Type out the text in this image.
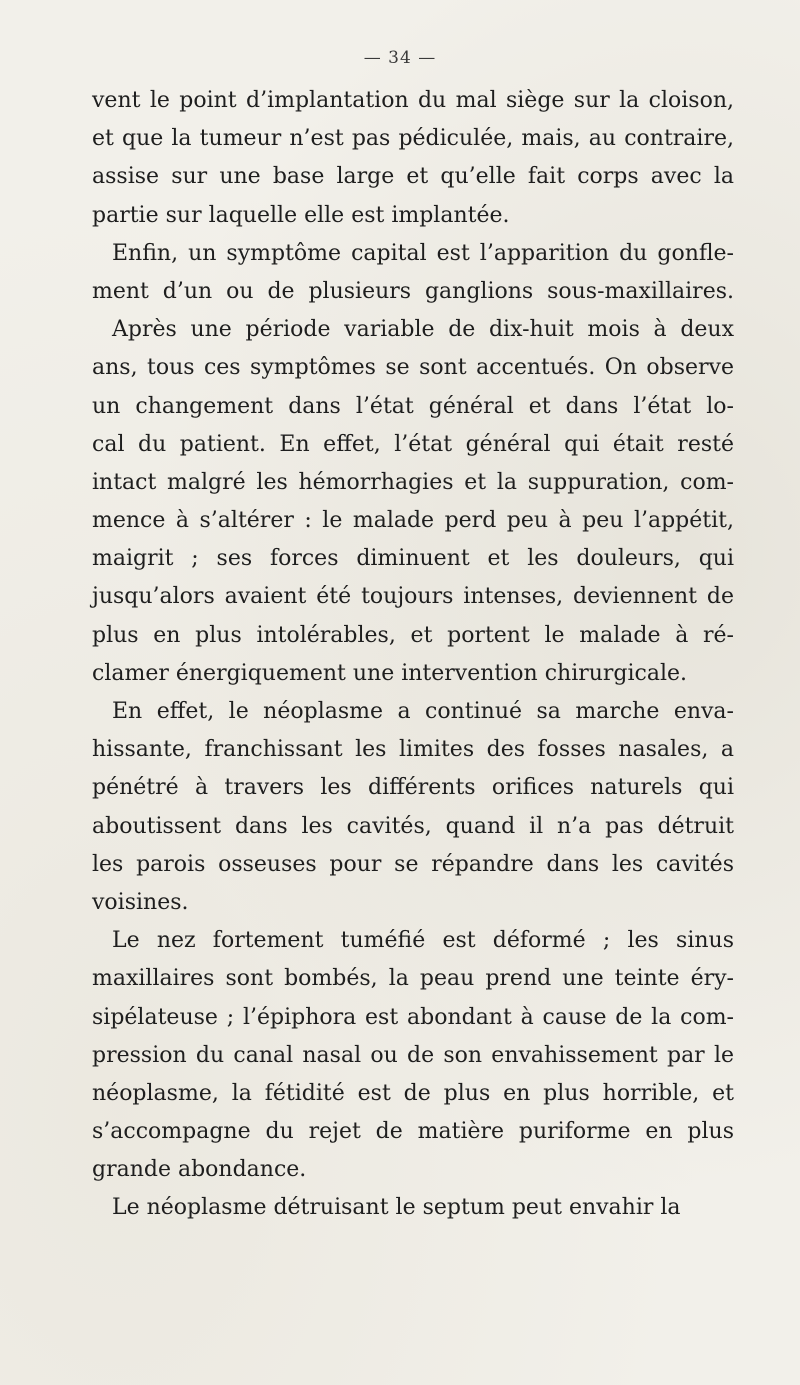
— 34 —
vent le point d’implantation du mal siège sur la cloison,
et que la tumeur n’est pas pédiculée, mais, au contraire,
assise sur une base large et qu’elle fait corps avec la
partie sur laquelle elle est implantée.
Enfin, un symptôme capital est l’apparition du gonfle-
ment d’un ou de plusieurs ganglions sous-maxillaires.
Après une période variable de dix-huit mois à deux
ans, tous ces symptômes se sont accentués. On observe
un changement dans l’état général et dans l’état lo-
cal du patient. En effet, l’état général qui était resté
intact malgré les hémorrhagies et la suppuration, com-
mence à s’altérer : le malade perd peu à peu l’appétit,
maigrit ; ses forces diminuent et les douleurs, qui
jusqu’alors avaient été toujours intenses, deviennent de
plus en plus intolérables, et portent le malade à ré-
clamer énergiquement une intervention chirurgicale.
En effet, le néoplasme a continué sa marche enva-
hissante, franchissant les limites des fosses nasales, a
pénétré à travers les différents orifices naturels qui
aboutissent dans les cavités, quand il n’a pas détruit
les parois osseuses pour se répandre dans les cavités
voisines.
Le nez fortement tuméfié est déformé ; les sinus
maxillaires sont bombés, la peau prend une teinte éry-
sipélateuse ; l’épiphora est abondant à cause de la com-
pression du canal nasal ou de son envahissement par le
néoplasme, la fétidité est de plus en plus horrible, et
s’accompagne du rejet de matière puriforme en plus
grande abondance.
Le néoplasme détruisant le septum peut envahir la
